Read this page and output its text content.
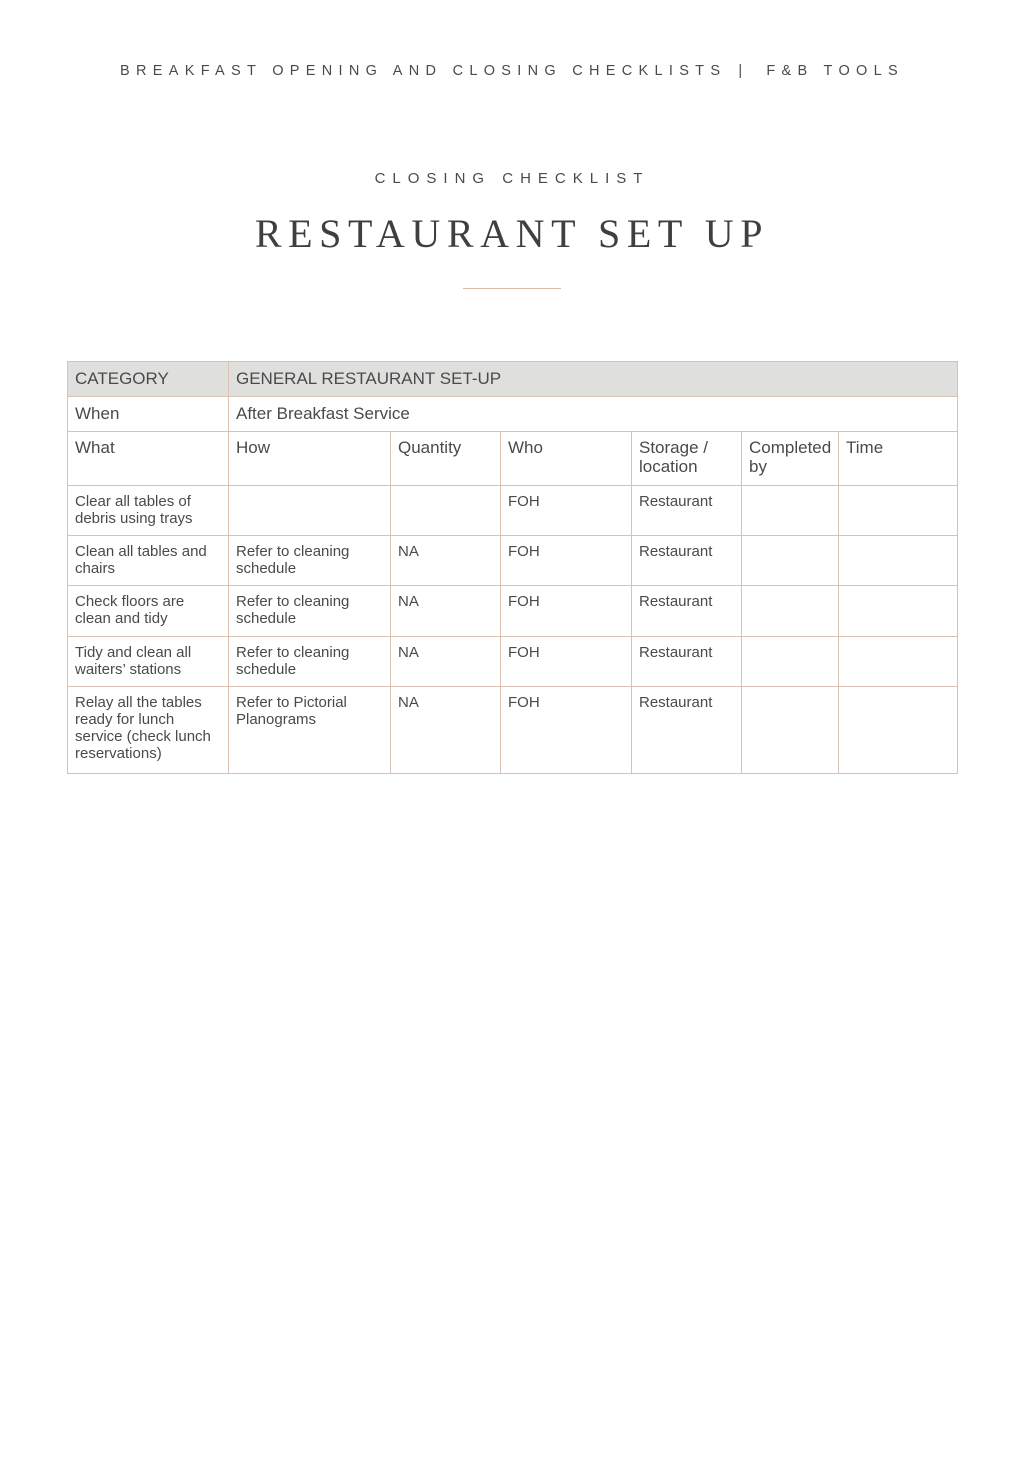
BREAKFAST OPENING AND CLOSING CHECKLISTS | F&B TOOLS
CLOSING CHECKLIST
RESTAURANT SET UP
CATEGORY	GENERAL RESTAURANT SET-UP					
When	After Breakfast Service					
What	How	Quantity	Who	Storage / location	Completed by	Time
Clear all tables of debris using trays			FOH	Restaurant		
Clean all tables and chairs	Refer to cleaning schedule	NA	FOH	Restaurant		
Check floors are clean and tidy	Refer to cleaning schedule	NA	FOH	Restaurant		
Tidy and clean all waiters’ stations	Refer to cleaning schedule	NA	FOH	Restaurant		
Relay all the tables ready for lunch service (check lunch reservations)	Refer to Pictorial Planograms	NA	FOH	Restaurant		
